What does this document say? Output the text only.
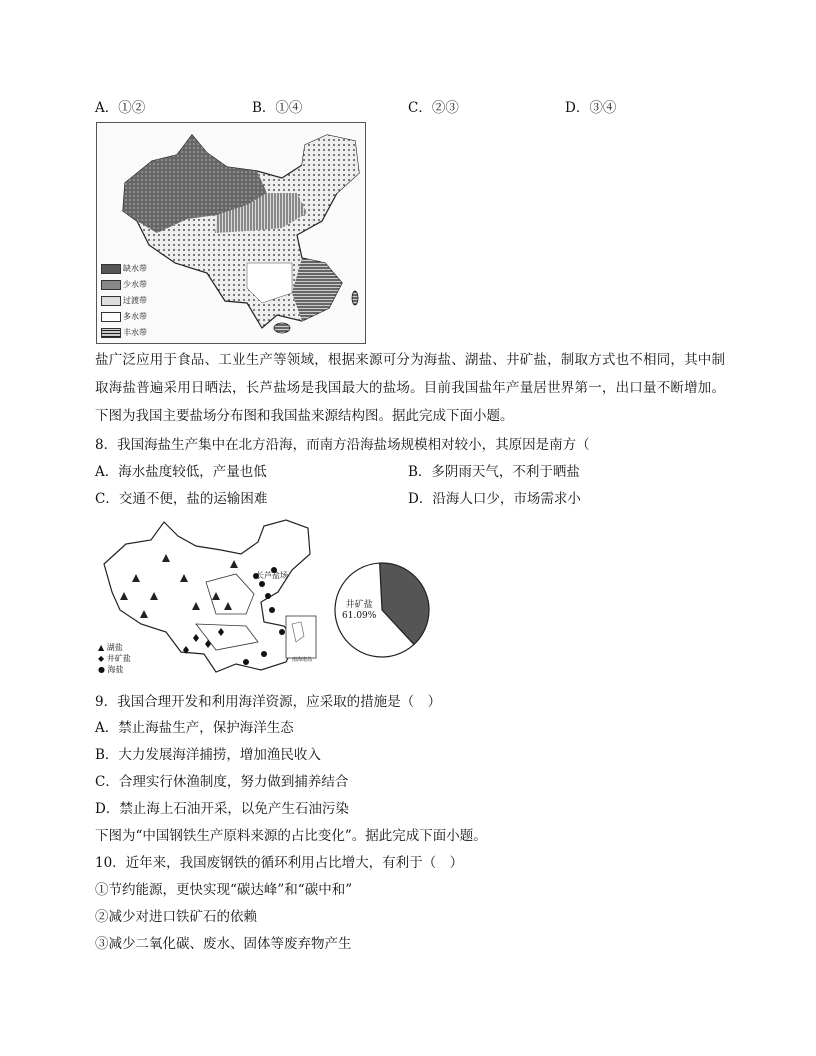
A．①②	B．①④	C．②③	D．③④
缺水带
少水带
过渡带
多水带
丰水带
盐广泛应用于食品、工业生产等领域，根据来源可分为海盐、湖盐、井矿盐，制取方式也不相同，其中制取海盐普遍采用日晒法，长芦盐场是我国最大的盐场。目前我国盐年产量居世界第一，出口量不断增加。下图为我国主要盐场分布图和我国盐来源结构图。据此完成下面小题。
8．我国海盐生产集中在北方沿海，而南方沿海盐场规模相对较小，其原因是南方（
A．海水盐度较低，产量也低	B．多阴雨天气，不利于晒盐
C．交通不便，盐的运输困难	D．沿海人口少，市场需求小
长芦盐场
南海诸岛
▲ 湖盐
◆ 井矿盐
● 海盐
井矿盐
61.09%
9．我国合理开发和利用海洋资源，应采取的措施是（　）
A．禁止海盐生产，保护海洋生态
B．大力发展海洋捕捞，增加渔民收入
C．合理实行休渔制度，努力做到捕养结合
D．禁止海上石油开采，以免产生石油污染
下图为“中国钢铁生产原料来源的占比变化”。据此完成下面小题。
10．近年来，我国废钢铁的循环利用占比增大，有利于（　）
①节约能源，更快实现“碳达峰”和“碳中和”
②减少对进口铁矿石的依赖
③减少二氧化碳、废水、固体等废弃物产生
